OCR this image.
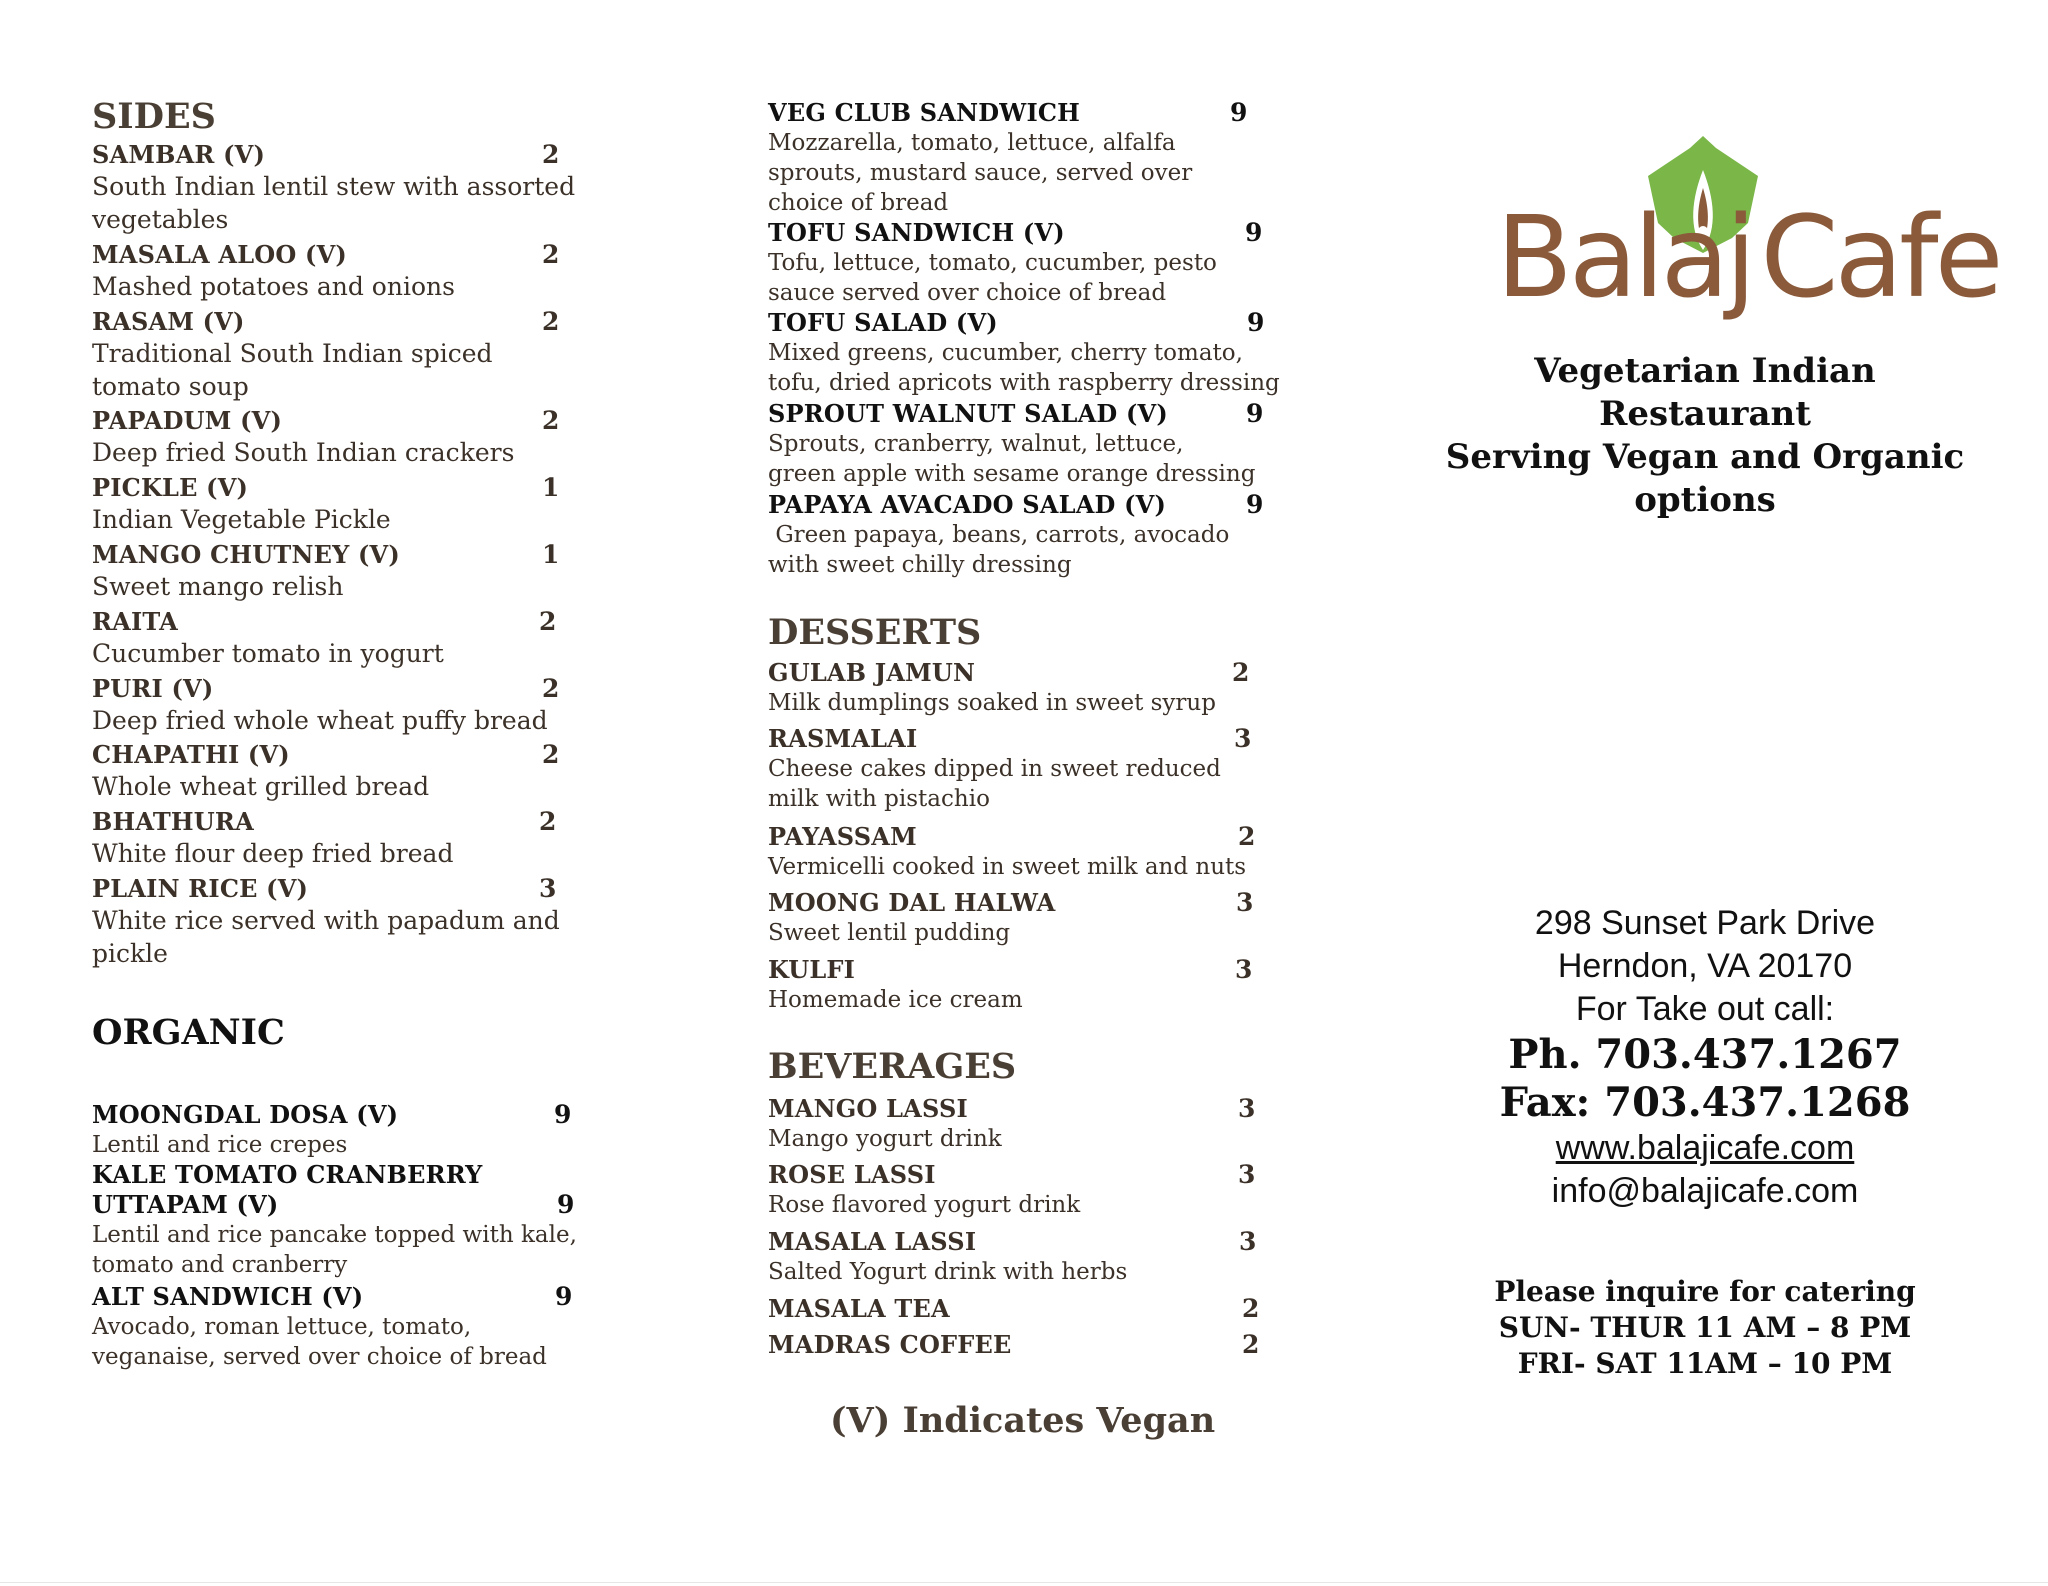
SIDES
SAMBAR (V)	2
South Indian lentil stew with assorted vegetables
MASALA ALOO (V)	2
Mashed potatoes and onions
RASAM (V)	2
Traditional South Indian spiced tomato soup
PAPADUM (V)	2
Deep fried South Indian crackers
PICKLE (V)	1
Indian Vegetable Pickle
MANGO CHUTNEY (V)	1
Sweet mango relish
RAITA	2
Cucumber tomato in yogurt
PURI (V)	2
Deep fried whole wheat puffy bread
CHAPATHI (V)	2
Whole wheat grilled bread
BHATHURA	2
White flour deep fried bread
PLAIN RICE (V)	3
White rice served with papadum and pickle
ORGANIC
MOONGDAL DOSA (V)	9
Lentil and rice crepes
KALE TOMATO CRANBERRY
UTTAPAM (V)	9
Lentil and rice pancake topped with kale, tomato and cranberry
ALT SANDWICH (V)	9
Avocado, roman lettuce, tomato, veganaise, served over choice of bread
VEG CLUB SANDWICH	9
Mozzarella, tomato, lettuce, alfalfa sprouts, mustard sauce, served over choice of bread
TOFU SANDWICH (V)	9
Tofu, lettuce, tomato, cucumber, pesto sauce served over choice of bread
TOFU SALAD (V)	9
Mixed greens, cucumber, cherry tomato, tofu, dried apricots with raspberry dressing
SPROUT WALNUT SALAD (V)	9
Sprouts, cranberry, walnut, lettuce, green apple with sesame orange dressing
PAPAYA AVACADO SALAD (V)	9
Green papaya, beans, carrots, avocado with sweet chilly dressing
DESSERTS
GULAB JAMUN	2
Milk dumplings soaked in sweet syrup
RASMALAI	3
Cheese cakes dipped in sweet reduced milk with pistachio
PAYASSAM	2
Vermicelli cooked in sweet milk and nuts
MOONG DAL HALWA	3
Sweet lentil pudding
KULFI	3
Homemade ice cream
BEVERAGES
MANGO LASSI	3
Mango yogurt drink
ROSE LASSI	3
Rose flavored yogurt drink
MASALA LASSI	3
Salted Yogurt drink with herbs
MASALA TEA	2
MADRAS COFFEE	2
(V) Indicates Vegan
BalajCafe
Vegetarian Indian Restaurant
Serving Vegan and Organic
options
298 Sunset Park Drive
Herndon, VA 20170
For Take out call:
Ph. 703.437.1267
Fax: 703.437.1268
www.balajicafe.com
info@balajicafe.com
Please inquire for catering
SUN- THUR 11 AM – 8 PM
FRI- SAT 11AM – 10 PM
